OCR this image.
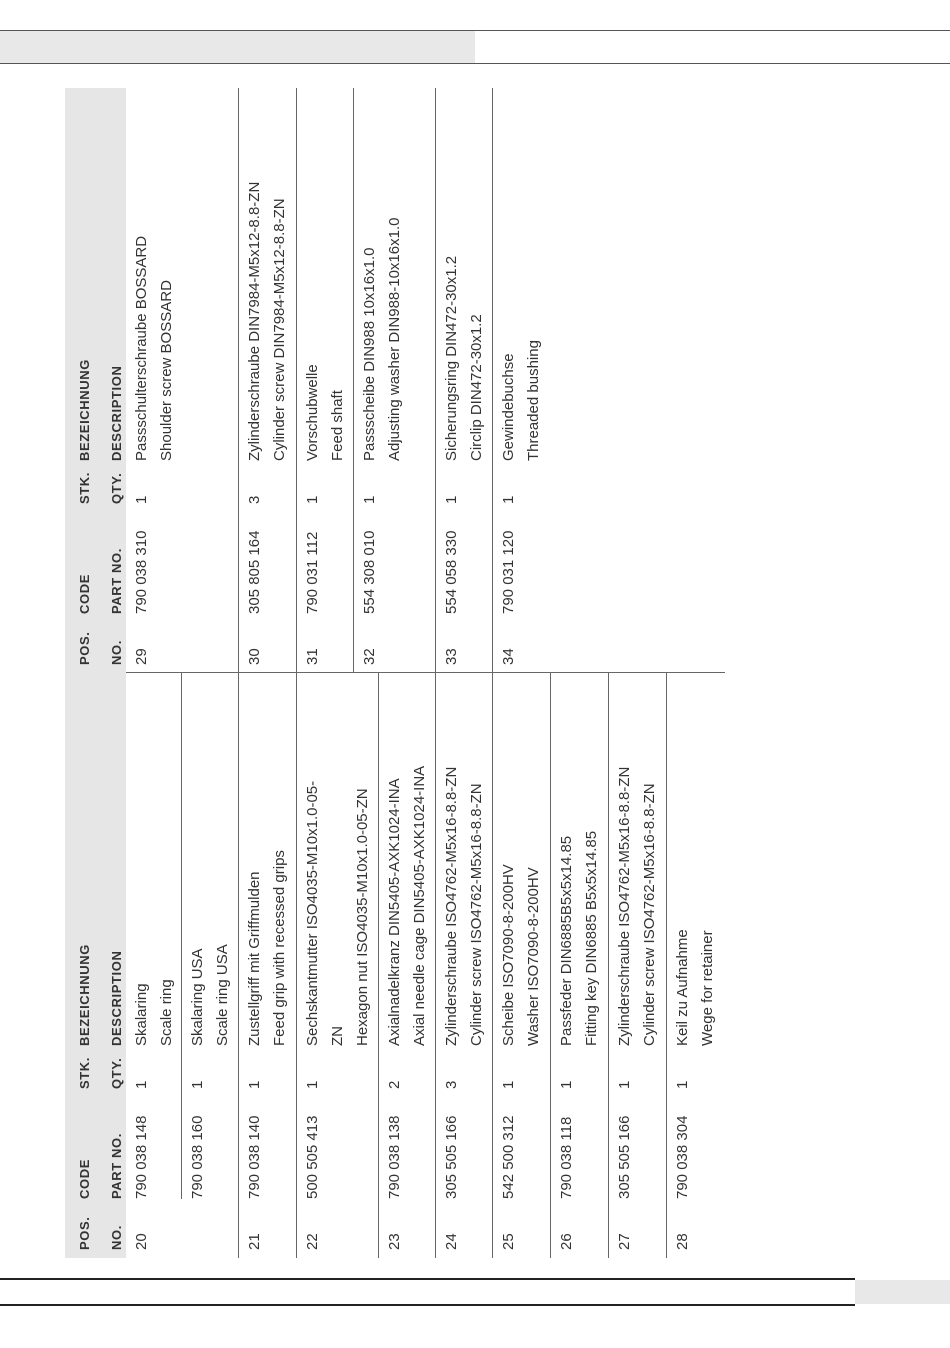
POS. NO.
CODE PART NO.
STK. QTY.
BEZEICHNUNG DESCRIPTION
20
790 038 148
1
Skalaring Scale ring
790 038 160
1
Skalaring USA Scale ring USA
21
790 038 140
1
Zustellgriff mit Griffmulden Feed grip with recessed grips
22
500 505 413
1
Sechskantmutter ISO4035-M10x1.0-05- ZN Hexagon nut ISO4035-M10x1.0-05-ZN
23
790 038 138
2
Axialnadelkranz DIN5405-AXK1024-INA Axial needle cage DIN5405-AXK1024-INA
24
305 505 166
3
Zylinderschraube ISO4762-M5x16-8.8-ZN Cylinder screw ISO4762-M5x16-8.8-ZN
25
542 500 312
1
Scheibe ISO7090-8-200HV Washer ISO7090-8-200HV
26
790 038 118
1
Passfeder DIN6885B5x5x14.85 Fitting key DIN6885 B5x5x14.85
27
305 505 166
1
Zylinderschraube ISO4762-M5x16-8.8-ZN Cylinder screw ISO4762-M5x16-8.8-ZN
28
790 038 304
1
Keil zu Aufnahme Wege for retainer
POS. NO.
CODE PART NO.
STK. QTY.
BEZEICHNUNG DESCRIPTION
29
790 038 310
1
Passschulterschraube BOSSARD Shoulder screw BOSSARD
30
305 805 164
3
Zylinderschraube DIN7984-M5x12-8.8-ZN Cylinder screw DIN7984-M5x12-8.8-ZN
31
790 031 112
1
Vorschubwelle Feed shaft
32
554 308 010
1
Passscheibe DIN988 10x16x1.0 Adjusting washer DIN988-10x16x1.0
33
554 058 330
1
Sicherungsring DIN472-30x1.2 Circlip DIN472-30x1.2
34
790 031 120
1
Gewindebuchse Threaded bushing
